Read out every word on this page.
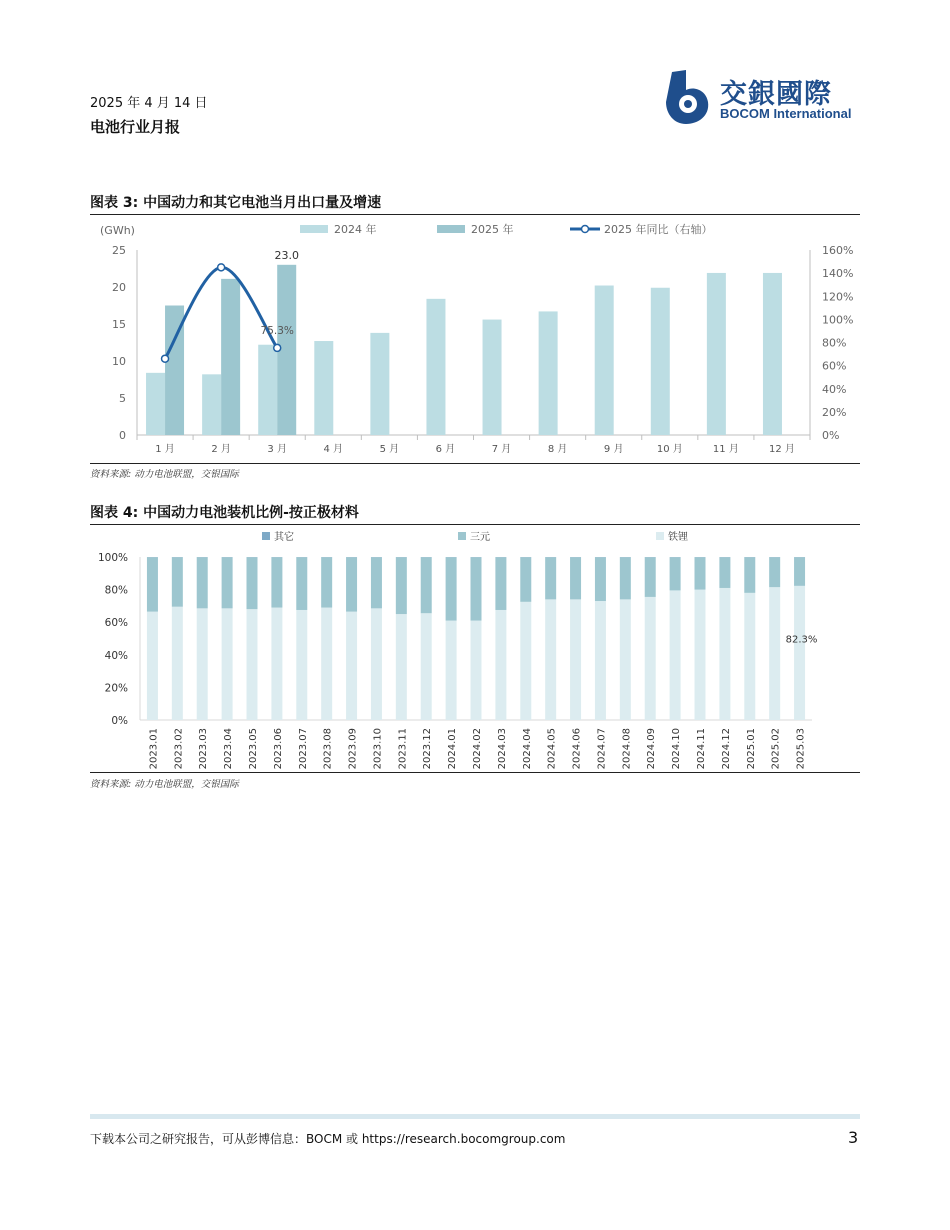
2025 年 4 月 14 日
电池行业月报
交銀國際
BOCOM International
图表 3: 中国动力和其它电池当月出口量及增速
2024 年	2025 年	2025 年同比（右轴）
(GWh)
0
5
10
15
20
25
0%
20%
40%
60%
80%
100%
120%
140%
160%
1 月	2 月	3 月	4 月	5 月	6 月	7 月	8 月	9 月	10 月	11 月	12 月
23.0
75.3%
资料来源: 动力电池联盟，交银国际
图表 4: 中国动力电池装机比例-按正极材料
其它	三元	铁锂
0%
20%
40%
60%
80%
100%
2023.01 2023.02 2023.03 2023.04 2023.05 2023.06 2023.07 2023.08 2023.09 2023.10 2023.11 2023.12 2024.01 2024.02 2024.03 2024.04 2024.05 2024.06 2024.07 2024.08 2024.09 2024.10 2024.11 2024.12 2025.01 2025.02 2025.03
82.3%
资料来源: 动力电池联盟，交银国际
下载本公司之研究报告，可从彭博信息：BOCM 或 https://research.bocomgroup.com	3
